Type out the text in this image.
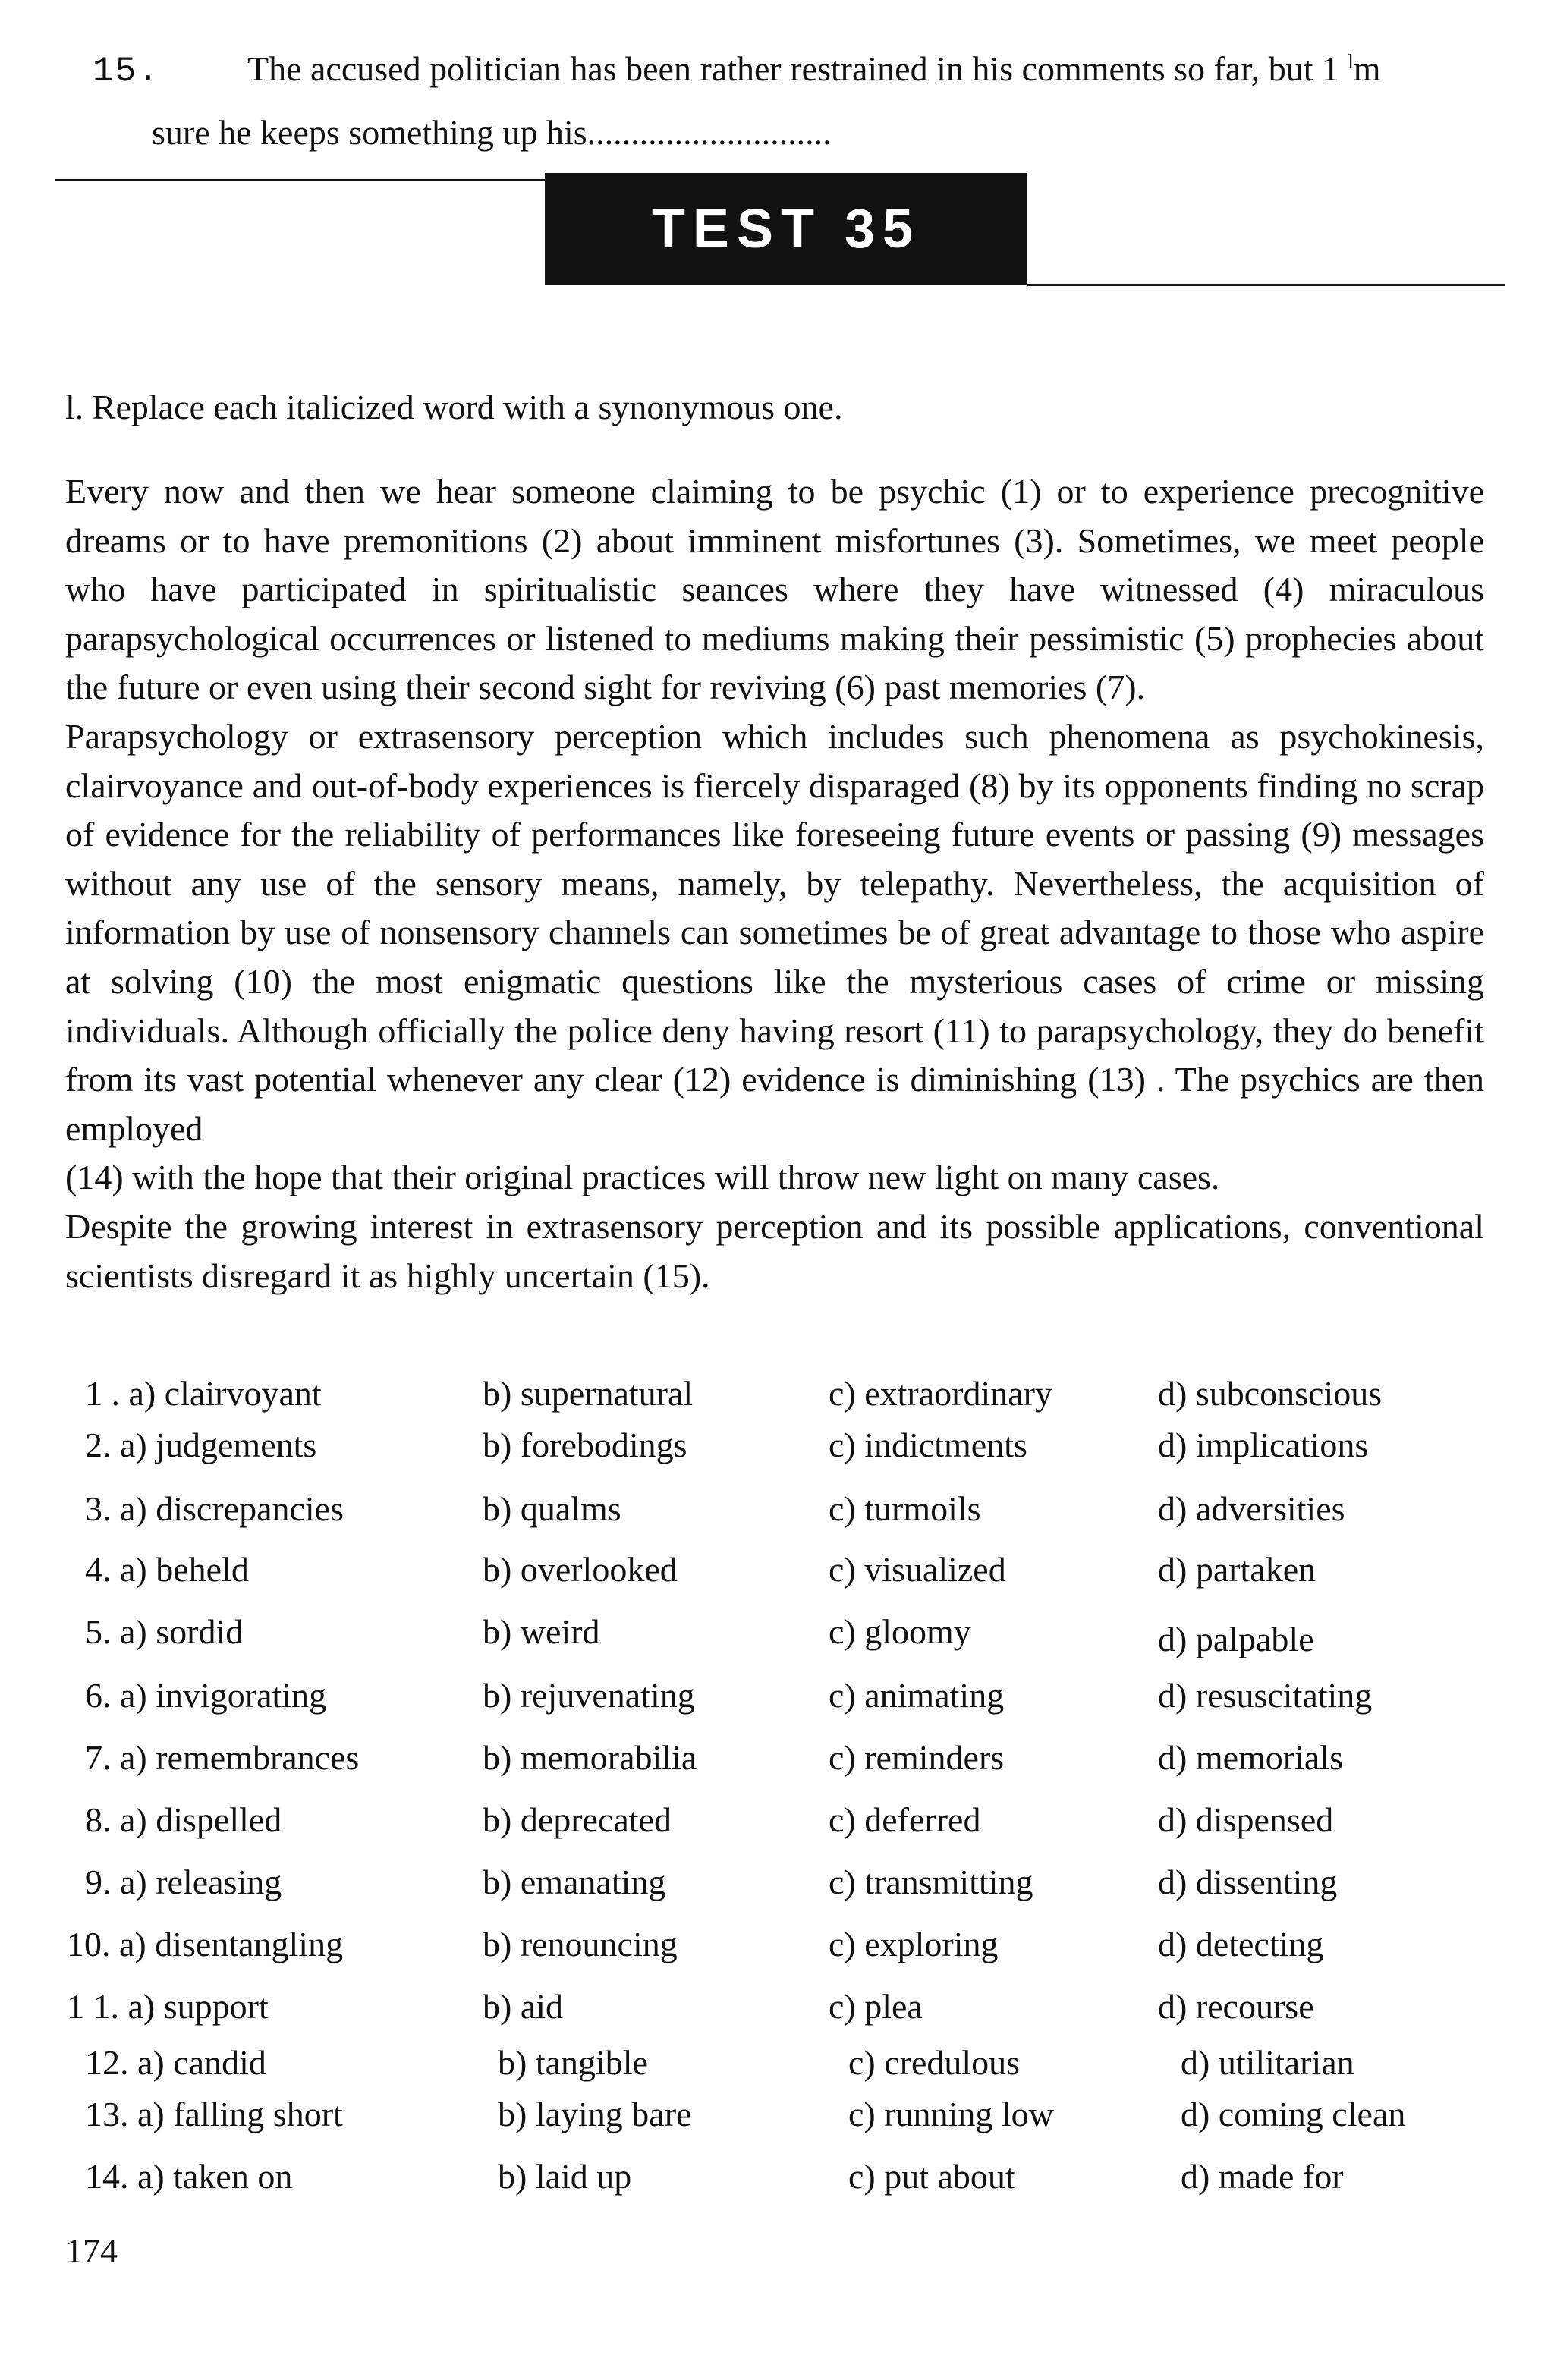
15.	The accused politician has been rather restrained in his comments so far, but 1 $^l$m
sure he keeps something up his............................
TEST 35
l. Replace each italicized word with a synonymous one.

Every now and then we hear someone claiming to be psychic (1) or to experience precognitive dreams or to have premonitions (2) about imminent misfortunes (3). Sometimes, we meet people who have participated in spiritualistic seances where they have witnessed (4) miraculous parapsychological occurrences or listened to mediums making their pessimistic (5) prophecies about the future or even using their second sight for reviving (6) past memories (7).

Parapsychology or extrasensory perception which includes such phenomena as psychokinesis, clairvoyance and out-of-body experiences is fiercely disparaged (8) by its opponents finding no scrap of evidence for the reliability of performances like foreseeing future events or passing (9) messages without any use of the sensory means, namely, by telepathy. Nevertheless, the acquisition of information by use of nonsensory channels can sometimes be of great advantage to those who aspire at solving (10) the most enigmatic questions like the mysterious cases of crime or missing individuals. Although officially the police deny having resort (11) to parapsychology, they do benefit from its vast potential whenever any clear (12) evidence is diminishing (13) . The psychics are then employed

(14) with the hope that their original practices will throw new light on many cases.

Despite the growing interest in extrasensory perception and its possible applications, conventional scientists disregard it as highly uncertain (15).

1 . a) clairvoyant	b) supernatural	c) extraordinary	d) subconscious
2. a) judgements	b) forebodings	c) indictments	d) implications
3. a) discrepancies	b) qualms	c) turmoils	d) adversities
4. a) beheld	b) overlooked	c) visualized	d) partaken
5. a) sordid	b) weird	c) gloomy	d) palpable
6. a) invigorating	b) rejuvenating	c) animating	d) resuscitating
7. a) remembrances	b) memorabilia	c) reminders	d) memorials
8. a) dispelled	b) deprecated	c) deferred	d) dispensed
9. a) releasing	b) emanating	c) transmitting	d) dissenting
10. a) disentangling	b) renouncing	c) exploring	d) detecting
1 1. a) support	b) aid	c) plea	d) recourse
12. a) candid	b) tangible	c) credulous	d) utilitarian
13. a) falling short	b) laying bare	c) running low	d) coming clean
14. a) taken on	b) laid up	c) put about	d) made for
174
